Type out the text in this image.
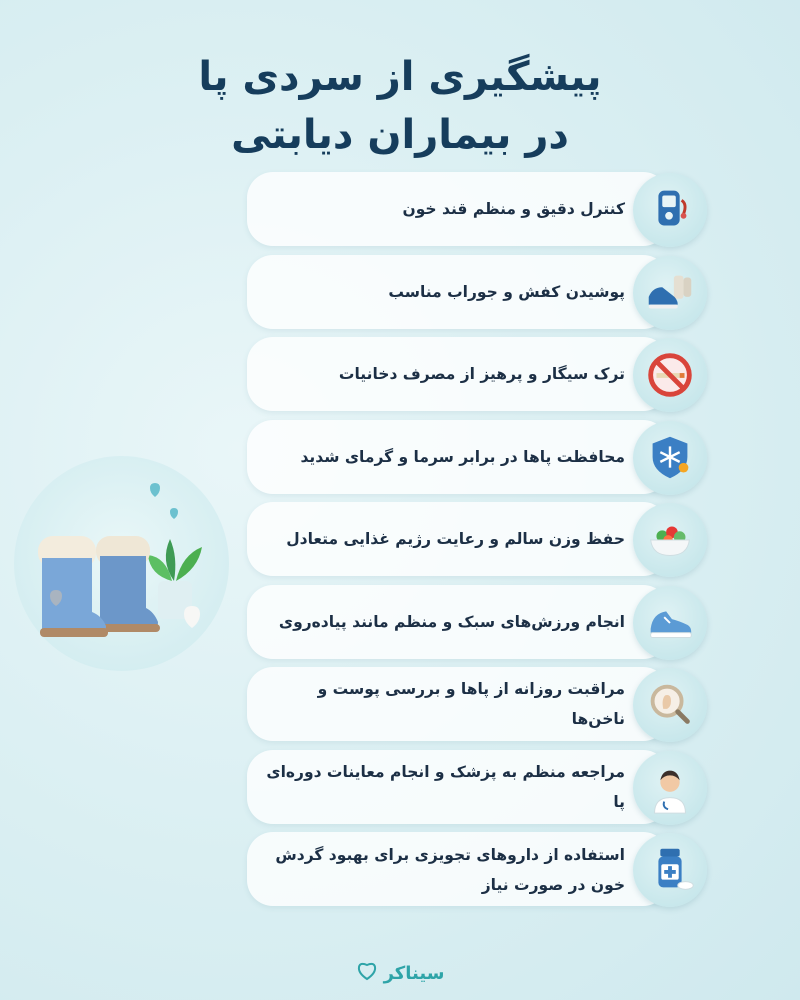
پیشگیری از سردی پا
در بیماران دیابتی
کنترل دقیق و منظم قند خون
پوشیدن کفش و جوراب مناسب
ترک سیگار و پرهیز از مصرف دخانیات
محافظت پاها در برابر سرما و گرمای شدید
حفظ وزن سالم و رعایت رژیم غذایی متعادل
انجام ورزش‌های سبک و منظم مانند پیاده‌روی
مراقبت روزانه از پاها و بررسی پوست و ناخن‌ها
مراجعه منظم به پزشک و انجام معاینات دوره‌ای پا
استفاده از داروهای تجویزی برای بهبود گردش خون در صورت نیاز
سیناکر
